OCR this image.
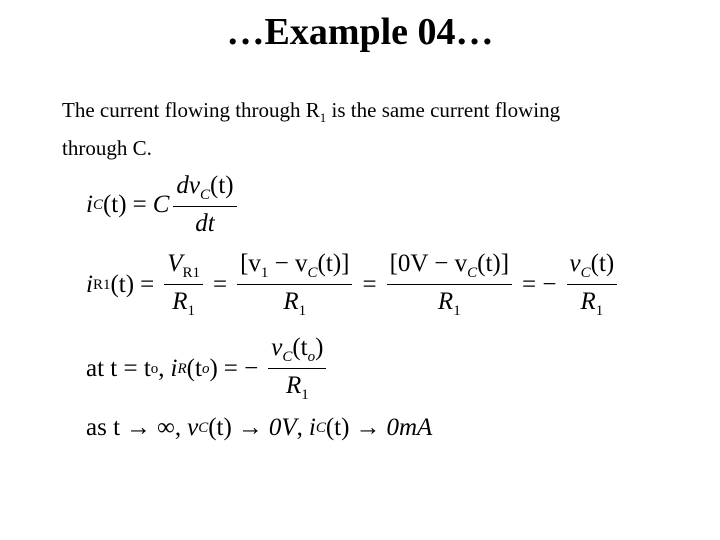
…Example 04…
The current flowing through $R_1$ is the same current flowing
through C.
i C (t) = C $\frac{dv_C(t)}{dt}$
i R1 $(t) = \frac{V_{R1}}{R_1} = \frac{[v_1 - v_C(t)]}{R_1} = \frac{[0V - v_C(t)]}{R_1}$ = − $\frac{v_C(t)}{R_1}$
at t = t o , i R (t o ) = − $\frac{v_C(t_o)}{R_1}$
as t → ∞, v C (t) → 0V , i C (t) → 0mA
